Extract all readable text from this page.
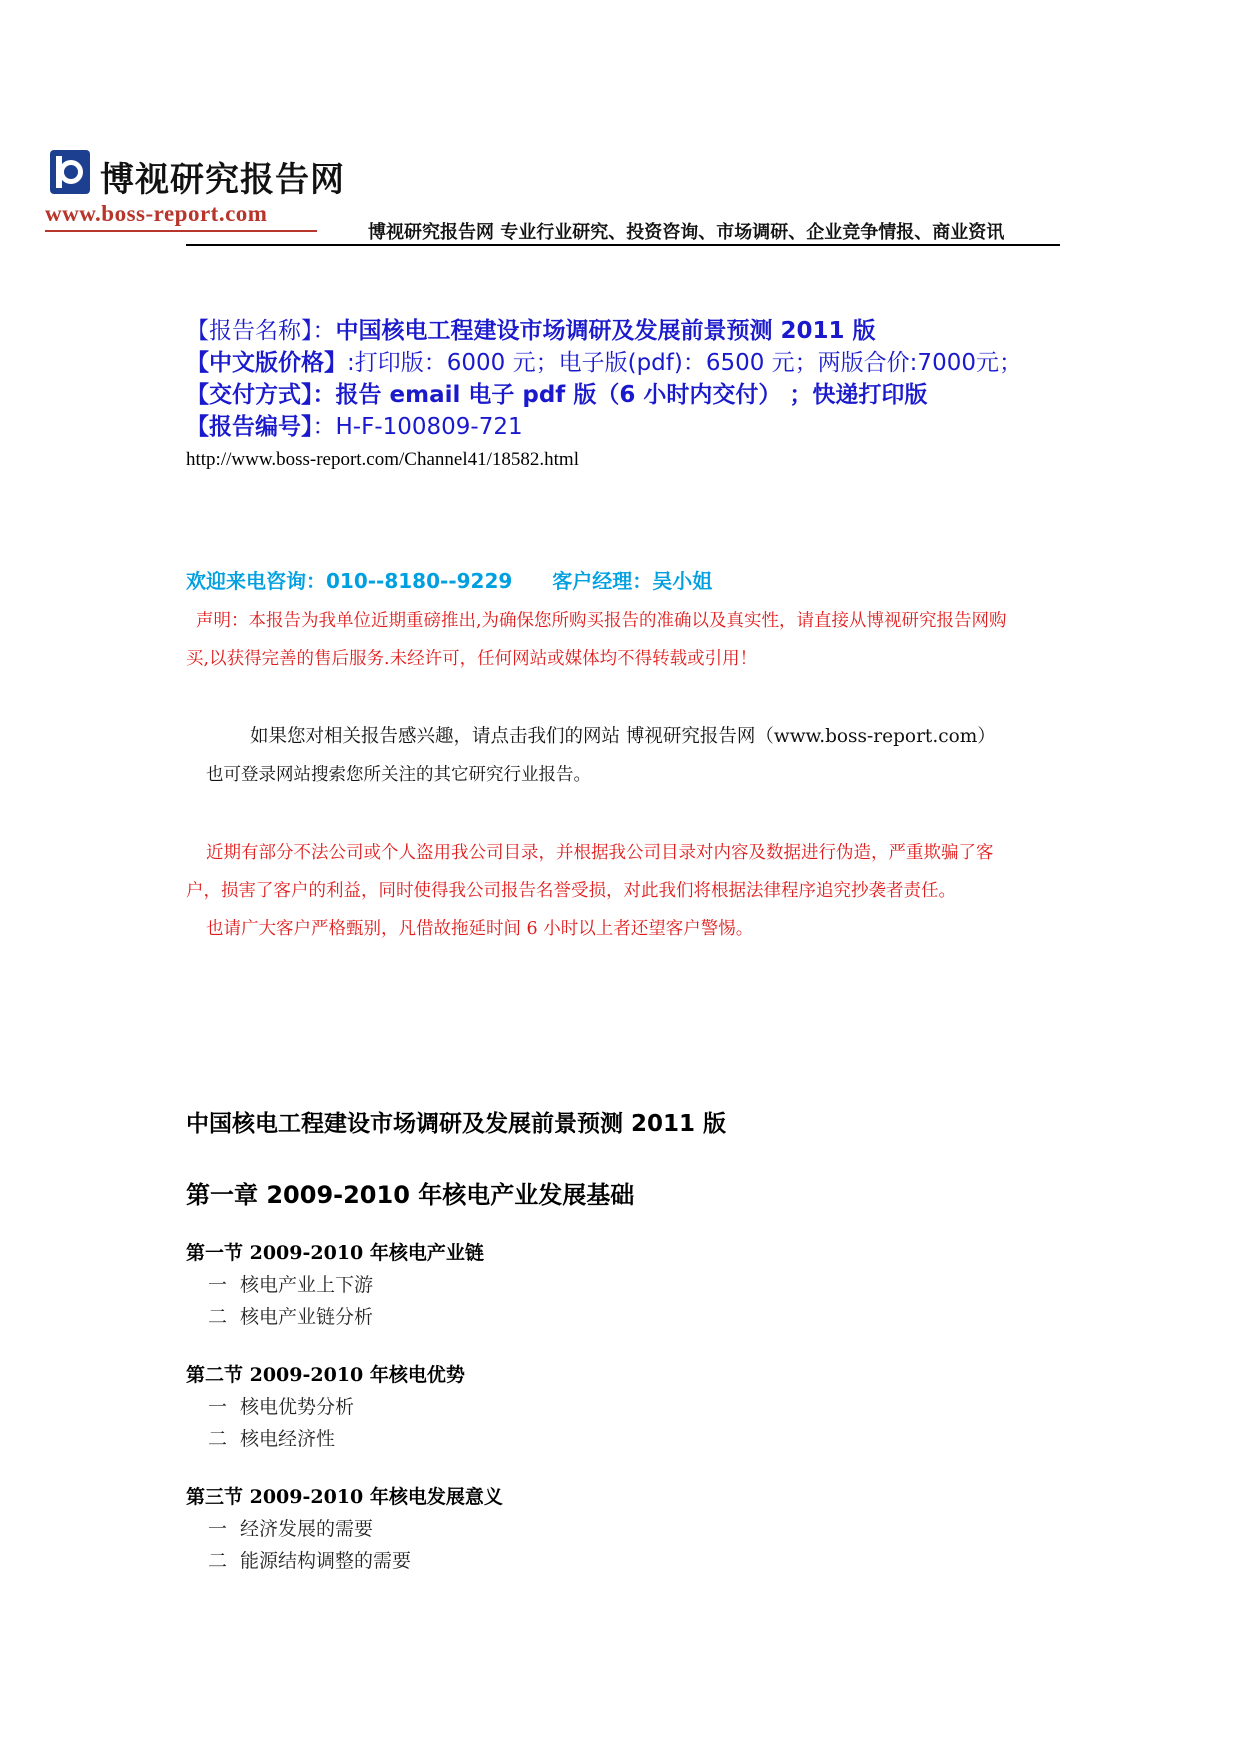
博视研究报告网
www.boss-report.com
博视研究报告网 专业行业研究、投资咨询、市场调研、企业竞争情报、商业资讯
【报告名称】：中国核电工程建设市场调研及发展前景预测 2011 版
【中文版价格】:打印版：6000 元；电子版(pdf)：6500 元；两版合价:7000元；
【交付方式】：报告 email 电子 pdf 版（6 小时内交付） ；快递打印版
【报告编号】：H-F-100809-721
http://www.boss-report.com/Channel41/18582.html
欢迎来电咨询：010--8180--9229 客户经理：吴小姐
声明：本报告为我单位近期重磅推出,为确保您所购买报告的准确以及真实性，请直接从博视研究报告网购
买,以获得完善的售后服务.未经许可，任何网站或媒体均不得转载或引用！
如果您对相关报告感兴趣，请点击我们的网站 博视研究报告网（www.boss-report.com）
也可登录网站搜索您所关注的其它研究行业报告。
近期有部分不法公司或个人盗用我公司目录，并根据我公司目录对内容及数据进行伪造，严重欺骗了客
户，损害了客户的利益，同时使得我公司报告名誉受损，对此我们将根据法律程序追究抄袭者责任。
也请广大客户严格甄别，凡借故拖延时间 6 小时以上者还望客户警惕。
中国核电工程建设市场调研及发展前景预测 2011 版
第一章 2009-2010 年核电产业发展基础
第一节 2009-2010 年核电产业链
一 核电产业上下游
二 核电产业链分析
第二节 2009-2010 年核电优势
一 核电优势分析
二 核电经济性
第三节 2009-2010 年核电发展意义
一 经济发展的需要
二 能源结构调整的需要
